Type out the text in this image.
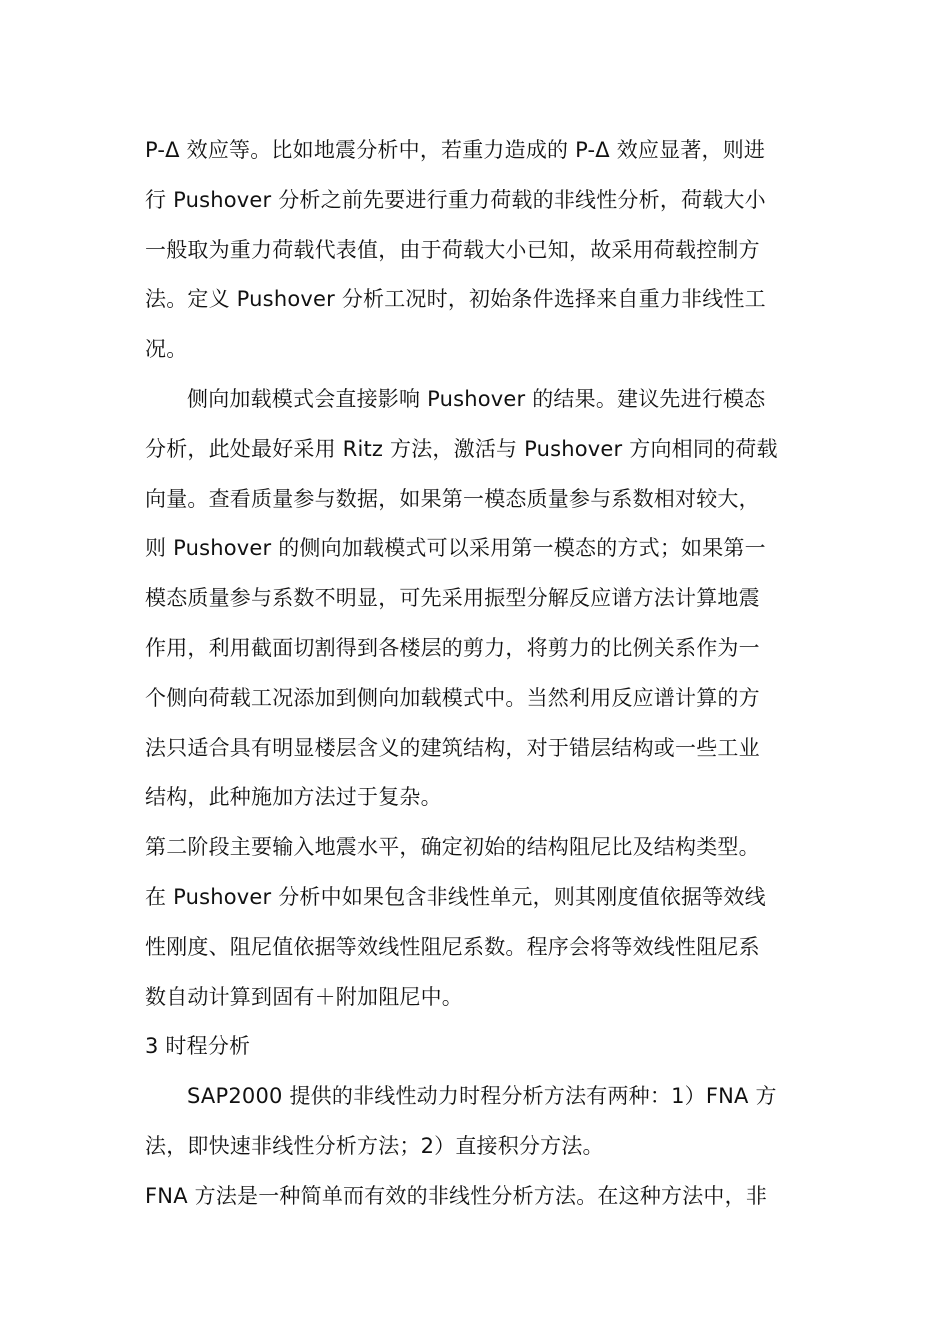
P-Δ 效应等。比如地震分析中，若重力造成的 P-Δ 效应显著，则进
行 Pushover 分析之前先要进行重力荷载的非线性分析，荷载大小
一般取为重力荷载代表值，由于荷载大小已知，故采用荷载控制方
法。定义 Pushover 分析工况时，初始条件选择来自重力非线性工
况。
侧向加载模式会直接影响 Pushover 的结果。建议先进行模态
分析，此处最好采用 Ritz 方法，激活与 Pushover 方向相同的荷载
向量。查看质量参与数据，如果第一模态质量参与系数相对较大，
则 Pushover 的侧向加载模式可以采用第一模态的方式；如果第一
模态质量参与系数不明显，可先采用振型分解反应谱方法计算地震
作用，利用截面切割得到各楼层的剪力，将剪力的比例关系作为一
个侧向荷载工况添加到侧向加载模式中。当然利用反应谱计算的方
法只适合具有明显楼层含义的建筑结构，对于错层结构或一些工业
结构，此种施加方法过于复杂。
第二阶段主要输入地震水平，确定初始的结构阻尼比及结构类型。
在 Pushover 分析中如果包含非线性单元，则其刚度值依据等效线
性刚度、阻尼值依据等效线性阻尼系数。程序会将等效线性阻尼系
数自动计算到固有＋附加阻尼中。
3 时程分析
SAP2000 提供的非线性动力时程分析方法有两种：1）FNA 方
法，即快速非线性分析方法；2）直接积分方法。
FNA 方法是一种简单而有效的非线性分析方法。在这种方法中，非
